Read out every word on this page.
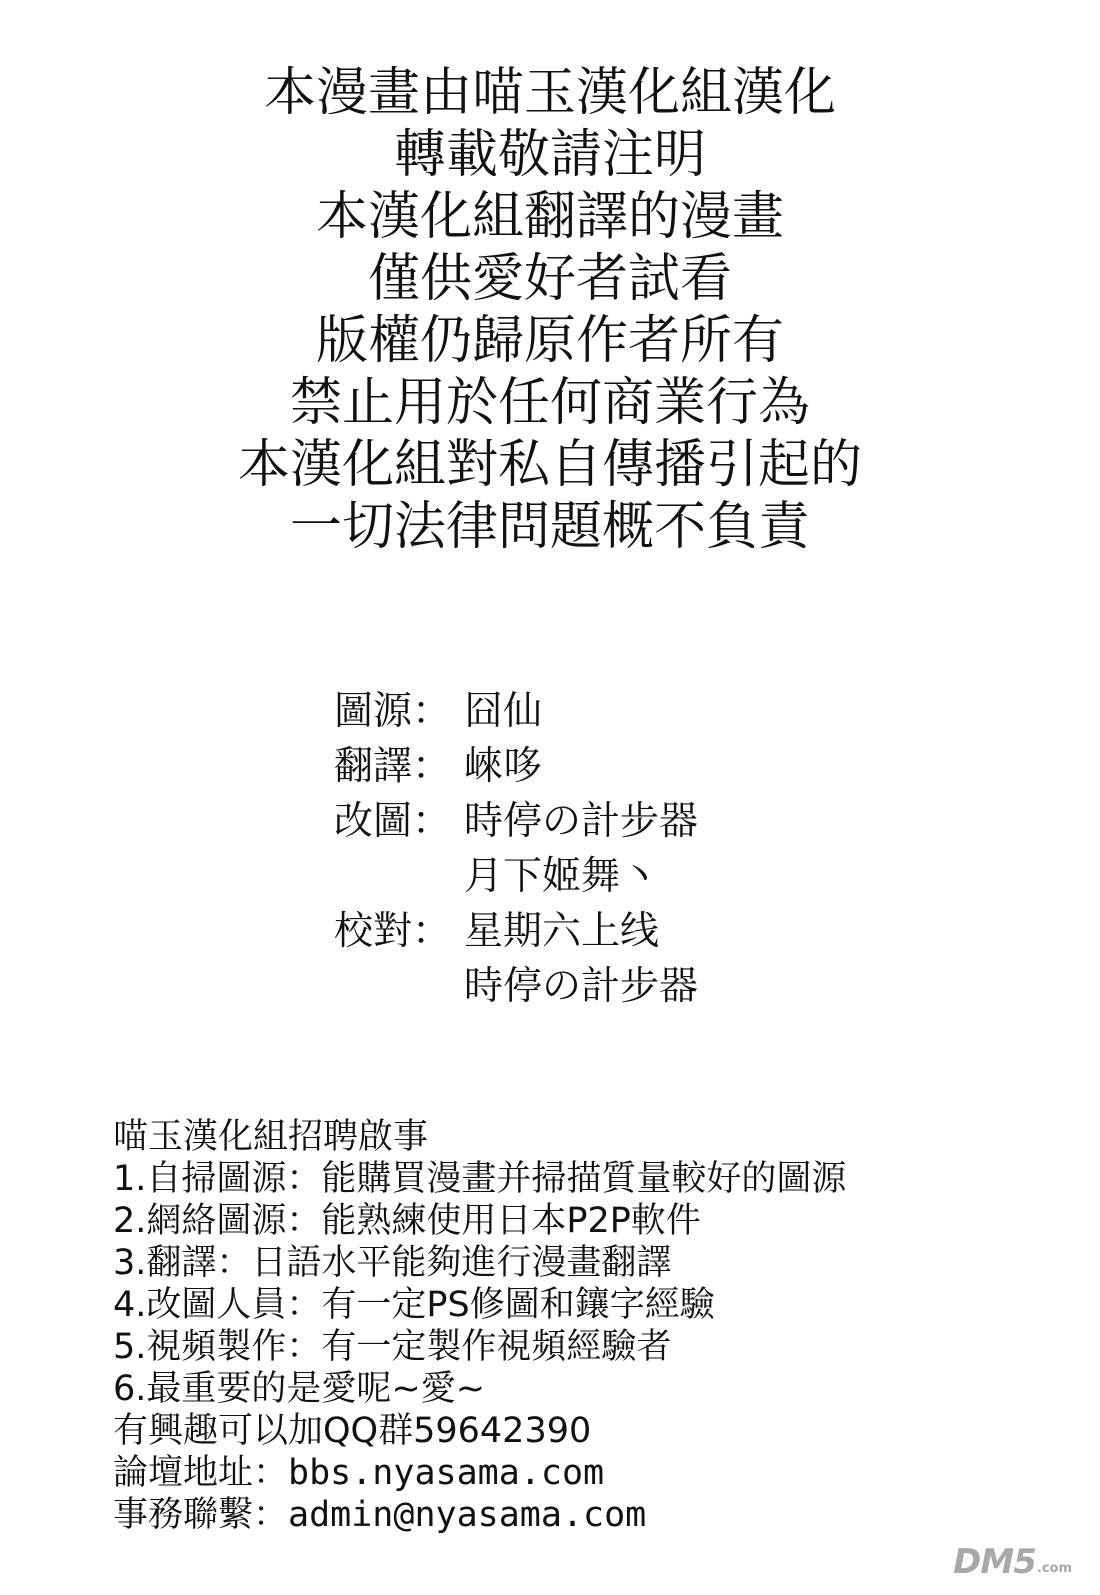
本漫畫由喵玉漢化組漢化
轉載敬請注明
本漢化組翻譯的漫畫
僅供愛好者試看
版權仍歸原作者所有
禁止用於任何商業行為
本漢化組對私自傳播引起的
一切法律問題概不負責
圖源： 囧仙
翻譯： 崍哆
改圖： 時停の計步器
月下姬舞丶
校對： 星期六上线
時停の計步器
喵玉漢化組招聘啟事
1.自掃圖源：能購買漫畫并掃描質量較好的圖源
2.網絡圖源：能熟練使用日本P2P軟件
3.翻譯：日語水平能夠進行漫畫翻譯
4.改圖人員：有一定PS修圖和鑲字經驗
5.視頻製作：有一定製作視頻經驗者
6.最重要的是愛呢~愛~
有興趣可以加QQ群59642390
論壇地址：bbs.nyasama.com
事務聯繫：admin@nyasama.com
DM5 .com
